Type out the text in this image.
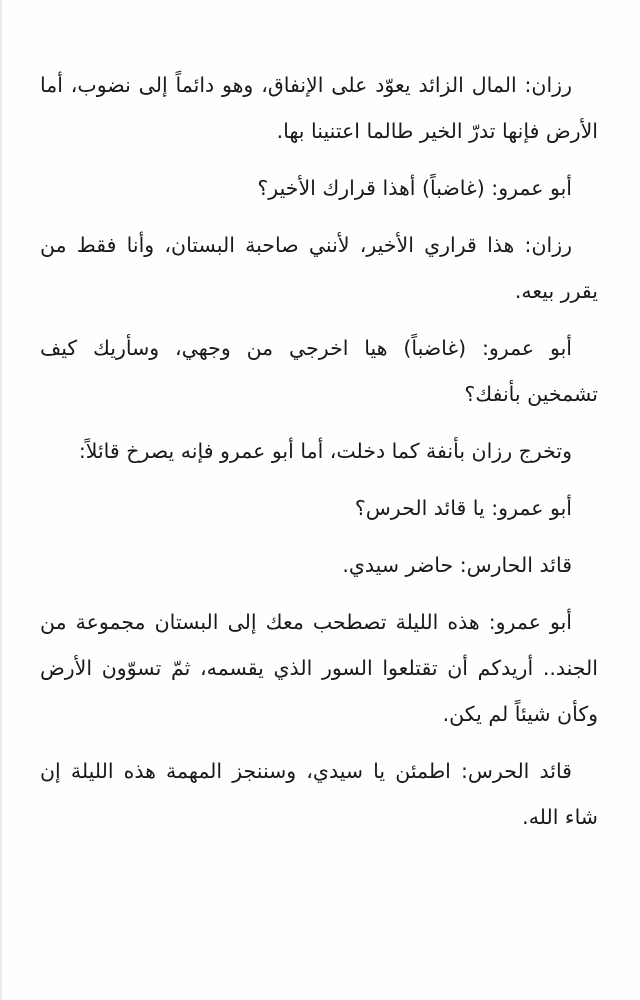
رزان: المال الزائد يعوّد على الإنفاق، وهو دائماً إلى نضوب، أما الأرض فإنها تدرّ الخير طالما اعتنينا بها.

أبو عمرو: (غاضباً) أهذا قرارك الأخير؟

رزان: هذا قراري الأخير، لأنني صاحبة البستان، وأنا فقط من يقرر بيعه.

أبو عمرو: (غاضباً) هيا اخرجي من وجهي، وسأريك كيف تشمخين بأنفك؟

وتخرج رزان بأنفة كما دخلت، أما أبو عمرو فإنه يصرخ قائلاً:

أبو عمرو: يا قائد الحرس؟

قائد الحارس: حاضر سيدي.

أبو عمرو: هذه الليلة تصطحب معك إلى البستان مجموعة من الجند.. أريدكم أن تقتلعوا السور الذي يقسمه، ثمّ تسوّون الأرض وكأن شيئاً لم يكن.

قائد الحرس: اطمئن يا سيدي، وسننجز المهمة هذه الليلة إن شاء الله.
